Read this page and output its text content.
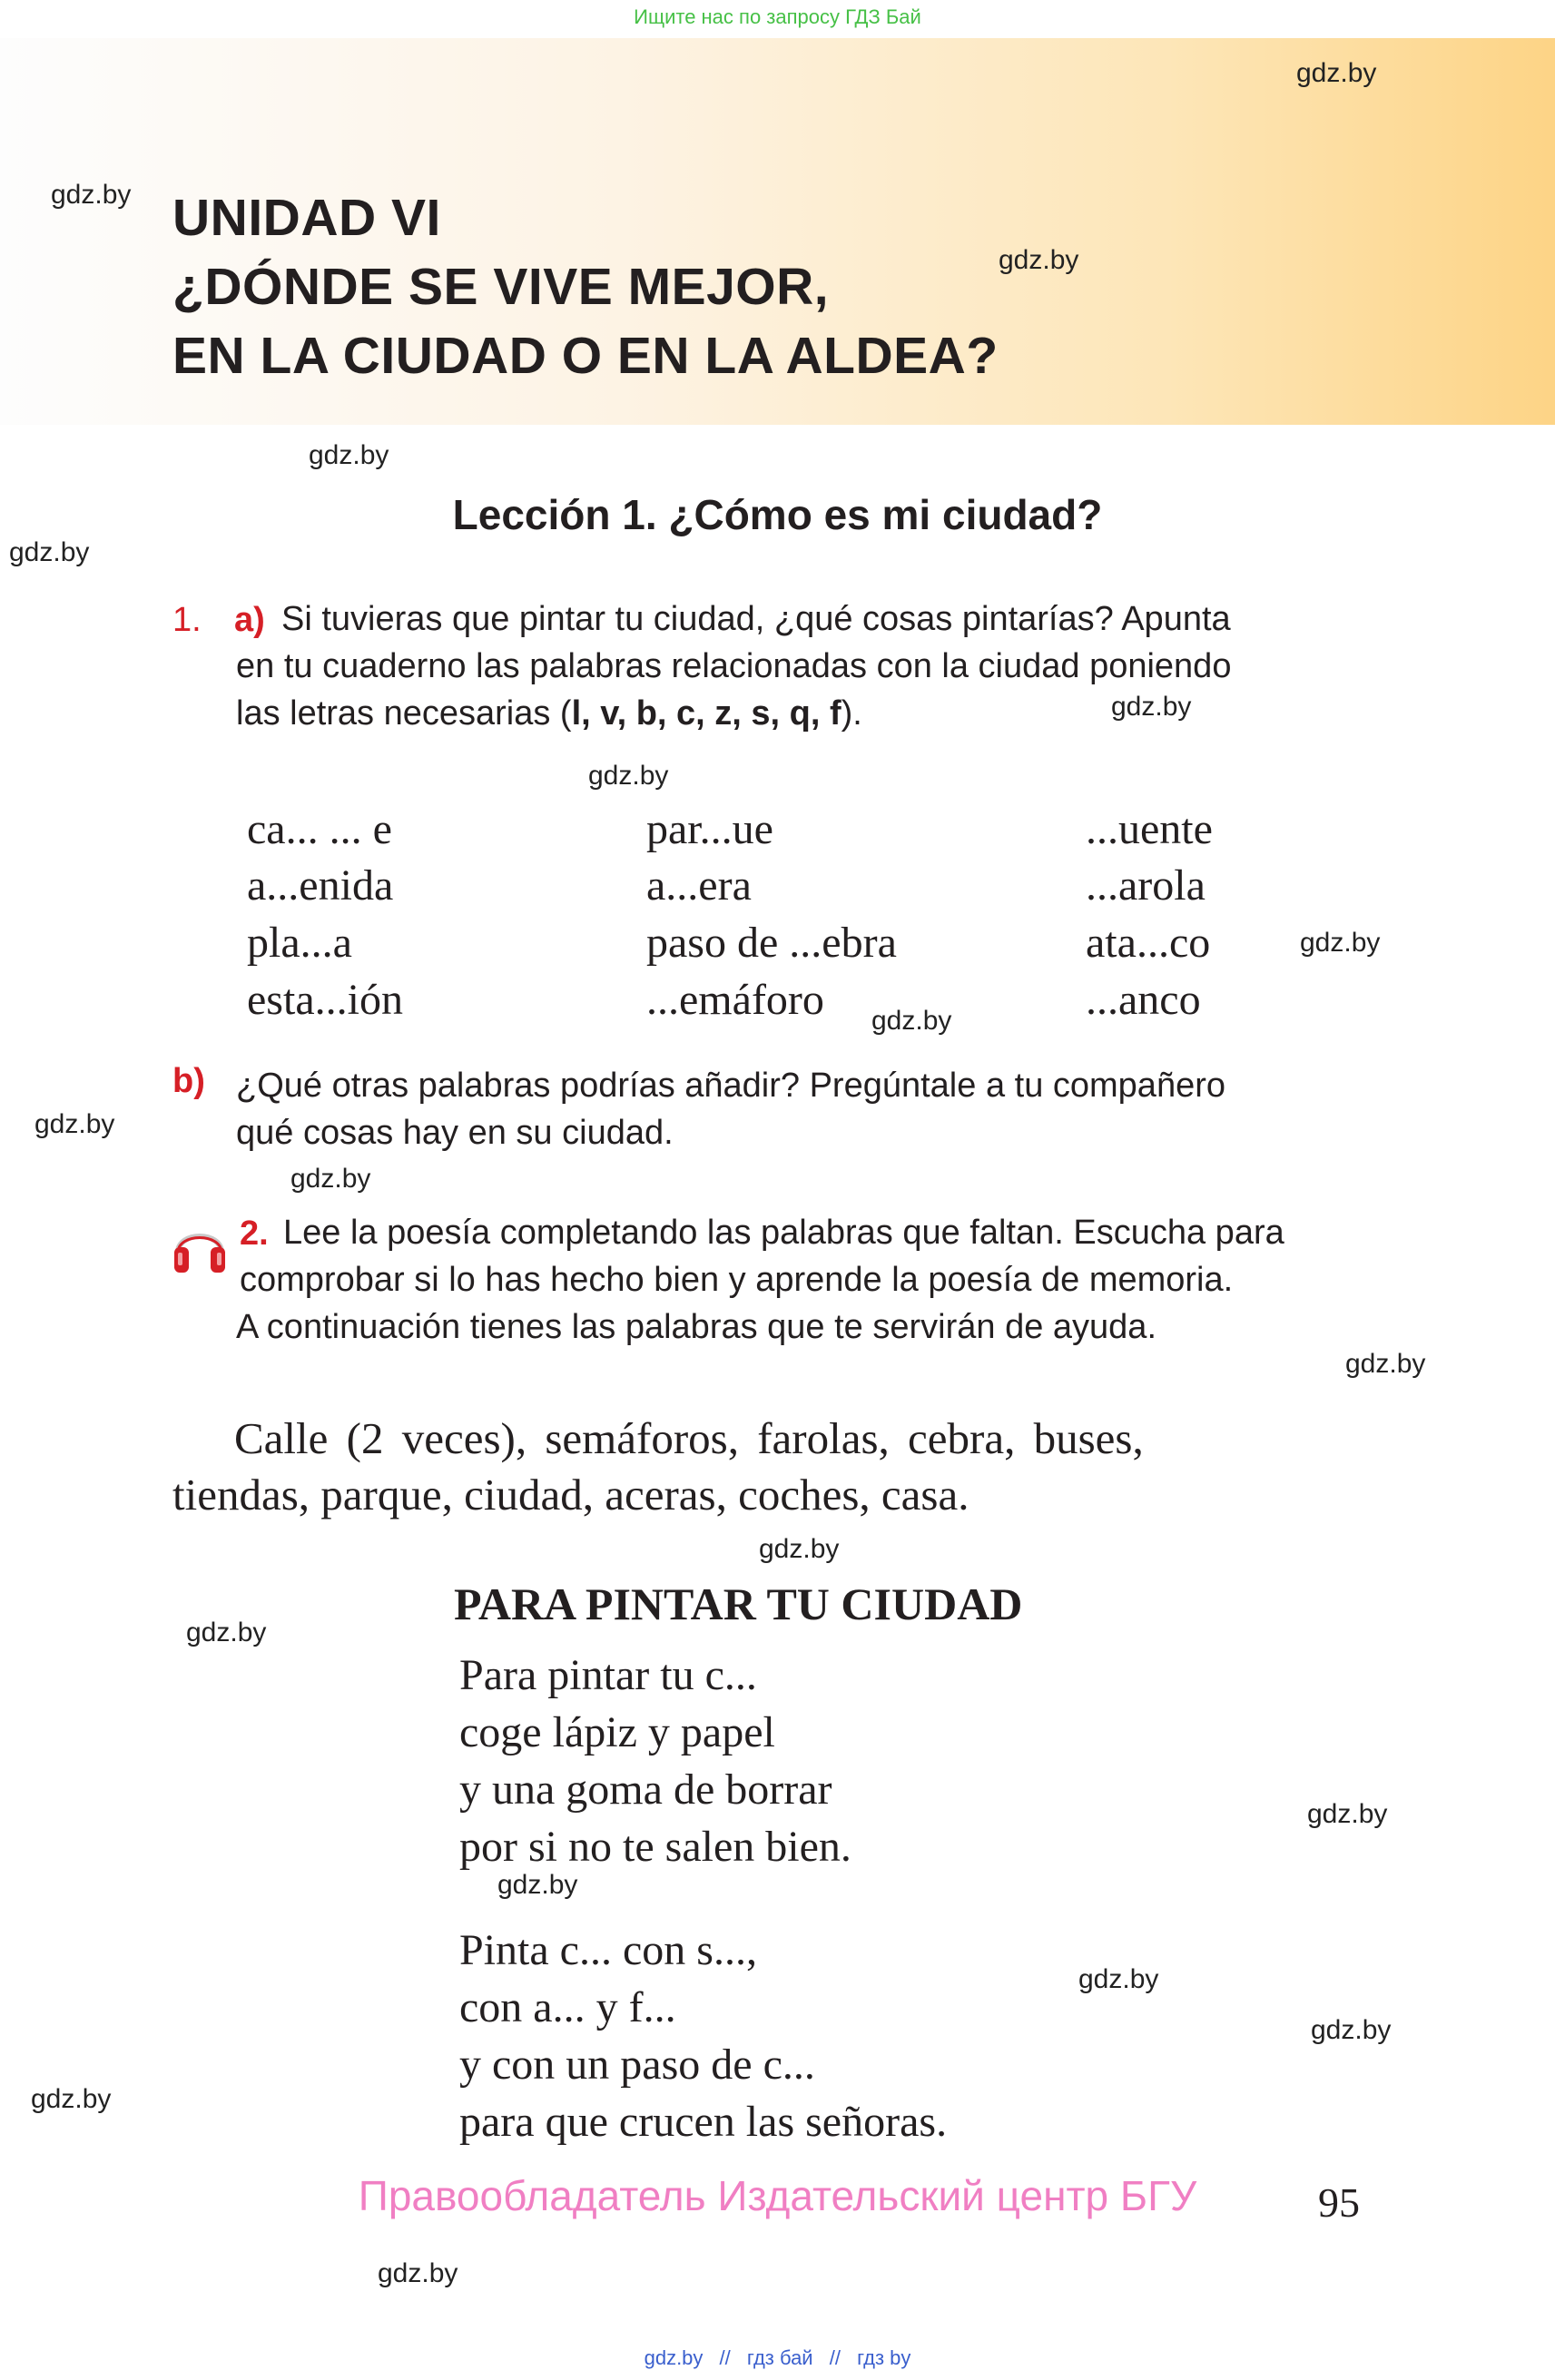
Ищите нас по запросу ГДЗ Бай
gdz.by
gdz.by
gdz.by
gdz.by
gdz.by
gdz.by
gdz.by
gdz.by
gdz.by
gdz.by
gdz.by
gdz.by
gdz.by
gdz.by
gdz.by
gdz.by
gdz.by
gdz.by
gdz.by
gdz.by
UNIDAD VI
¿DÓNDE SE VIVE MEJOR,
EN LA CIUDAD O EN LA ALDEA?
Lección 1. ¿Cómo es mi ciudad?
1. a) Si tuvieras que pintar tu ciudad, ¿qué cosas pintarías? Apunta
en tu cuaderno las palabras relacionadas con la ciudad poniendo
las letras necesarias (l, v, b, c, z, s, q, f).
ca... ... e	par...ue	...uente
a...enida	a...era	...arola
pla...a	paso de ...ebra	ata...co
esta...ión	...emáforo	...anco
b) ¿Qué otras palabras podrías añadir? Pregúntale a tu compañero
qué cosas hay en su ciudad.
2. Lee la poesía completando las palabras que faltan. Escucha para
comprobar si lo has hecho bien y aprende la poesía de memoria.
A continuación tienes las palabras que te servirán de ayuda.
Calle (2 veces), semáforos, farolas, cebra, buses,
tiendas, parque, ciudad, aceras, coches, casa.
PARA PINTAR TU CIUDAD
Para pintar tu c...
coge lápiz y papel
y una goma de borrar
por si no te salen bien.
Pinta c... con s...,
con a... y f...
y con un paso de c...
para que crucen las señoras.
Правообладатель Издательский центр БГУ	95
gdz.by // гдз бай // гдз by
